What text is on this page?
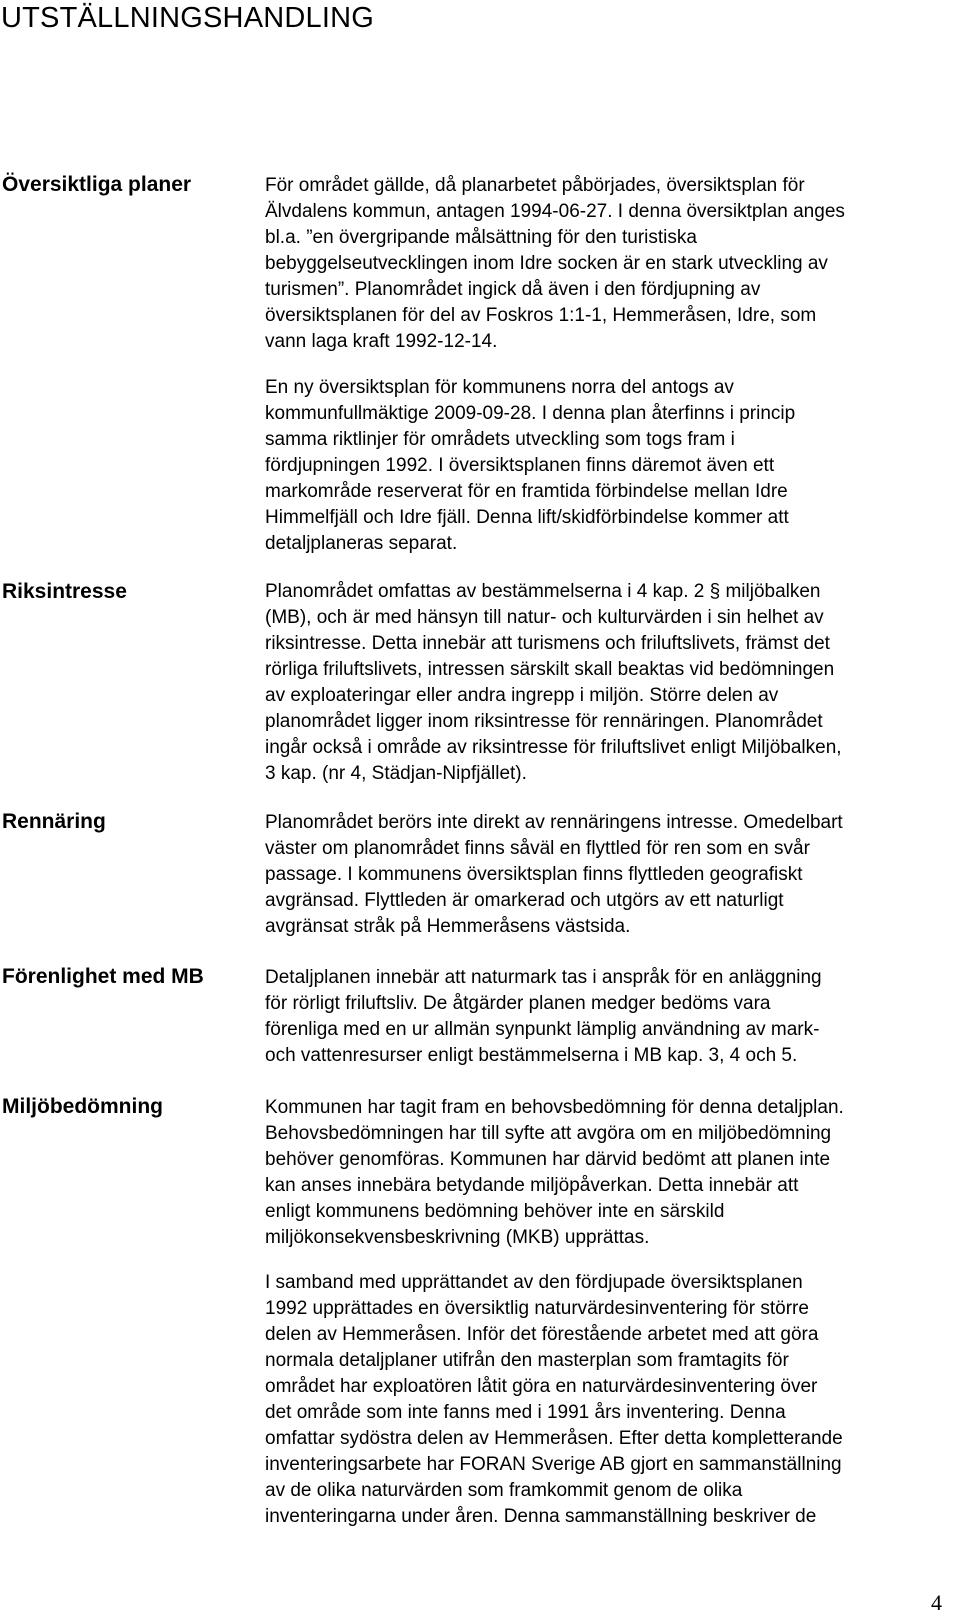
UTSTÄLLNINGSHANDLING
Översiktliga planer	För området gällde, då planarbetet påbörjades, översiktsplan för
Älvdalens kommun, antagen 1994-06-27. I denna översiktplan anges
bl.a. ”en övergripande målsättning för den turistiska
bebyggelseutvecklingen inom Idre socken är en stark utveckling av
turismen”. Planområdet ingick då även i den fördjupning av
översiktsplanen för del av Foskros 1:1-1, Hemmeråsen, Idre, som
vann laga kraft 1992-12-14.
En ny översiktsplan för kommunens norra del antogs av
kommunfullmäktige 2009-09-28. I denna plan återfinns i princip
samma riktlinjer för områdets utveckling som togs fram i
fördjupningen 1992. I översiktsplanen finns däremot även ett
markområde reserverat för en framtida förbindelse mellan Idre
Himmelfjäll och Idre fjäll. Denna lift/skidförbindelse kommer att
detaljplaneras separat.
Riksintresse	Planområdet omfattas av bestämmelserna i 4 kap. 2 § miljöbalken
(MB), och är med hänsyn till natur- och kulturvärden i sin helhet av
riksintresse. Detta innebär att turismens och friluftslivets, främst det
rörliga friluftslivets, intressen särskilt skall beaktas vid bedömningen
av exploateringar eller andra ingrepp i miljön. Större delen av
planområdet ligger inom riksintresse för rennäringen. Planområdet
ingår också i område av riksintresse för friluftslivet enligt Miljöbalken,
3 kap. (nr 4, Städjan-Nipfjället).
Rennäring	Planområdet berörs inte direkt av rennäringens intresse. Omedelbart
väster om planområdet finns såväl en flyttled för ren som en svår
passage. I kommunens översiktsplan finns flyttleden geografiskt
avgränsad. Flyttleden är omarkerad och utgörs av ett naturligt
avgränsat stråk på Hemmeråsens västsida.
Förenlighet med MB	Detaljplanen innebär att naturmark tas i anspråk för en anläggning
för rörligt friluftsliv. De åtgärder planen medger bedöms vara
förenliga med en ur allmän synpunkt lämplig användning av mark-
och vattenresurser enligt bestämmelserna i MB kap. 3, 4 och 5.
Miljöbedömning	Kommunen har tagit fram en behovsbedömning för denna detaljplan.
Behovsbedömningen har till syfte att avgöra om en miljöbedömning
behöver genomföras. Kommunen har därvid bedömt att planen inte
kan anses innebära betydande miljöpåverkan. Detta innebär att
enligt kommunens bedömning behöver inte en särskild
miljökonsekvensbeskrivning (MKB) upprättas.
I samband med upprättandet av den fördjupade översiktsplanen
1992 upprättades en översiktlig naturvärdesinventering för större
delen av Hemmeråsen. Inför det förestående arbetet med att göra
normala detaljplaner utifrån den masterplan som framtagits för
området har exploatören låtit göra en naturvärdesinventering över
det område som inte fanns med i 1991 års inventering. Denna
omfattar sydöstra delen av Hemmeråsen. Efter detta kompletterande
inventeringsarbete har FORAN Sverige AB gjort en sammanställning
av de olika naturvärden som framkommit genom de olika
inventeringarna under åren. Denna sammanställning beskriver de
4
